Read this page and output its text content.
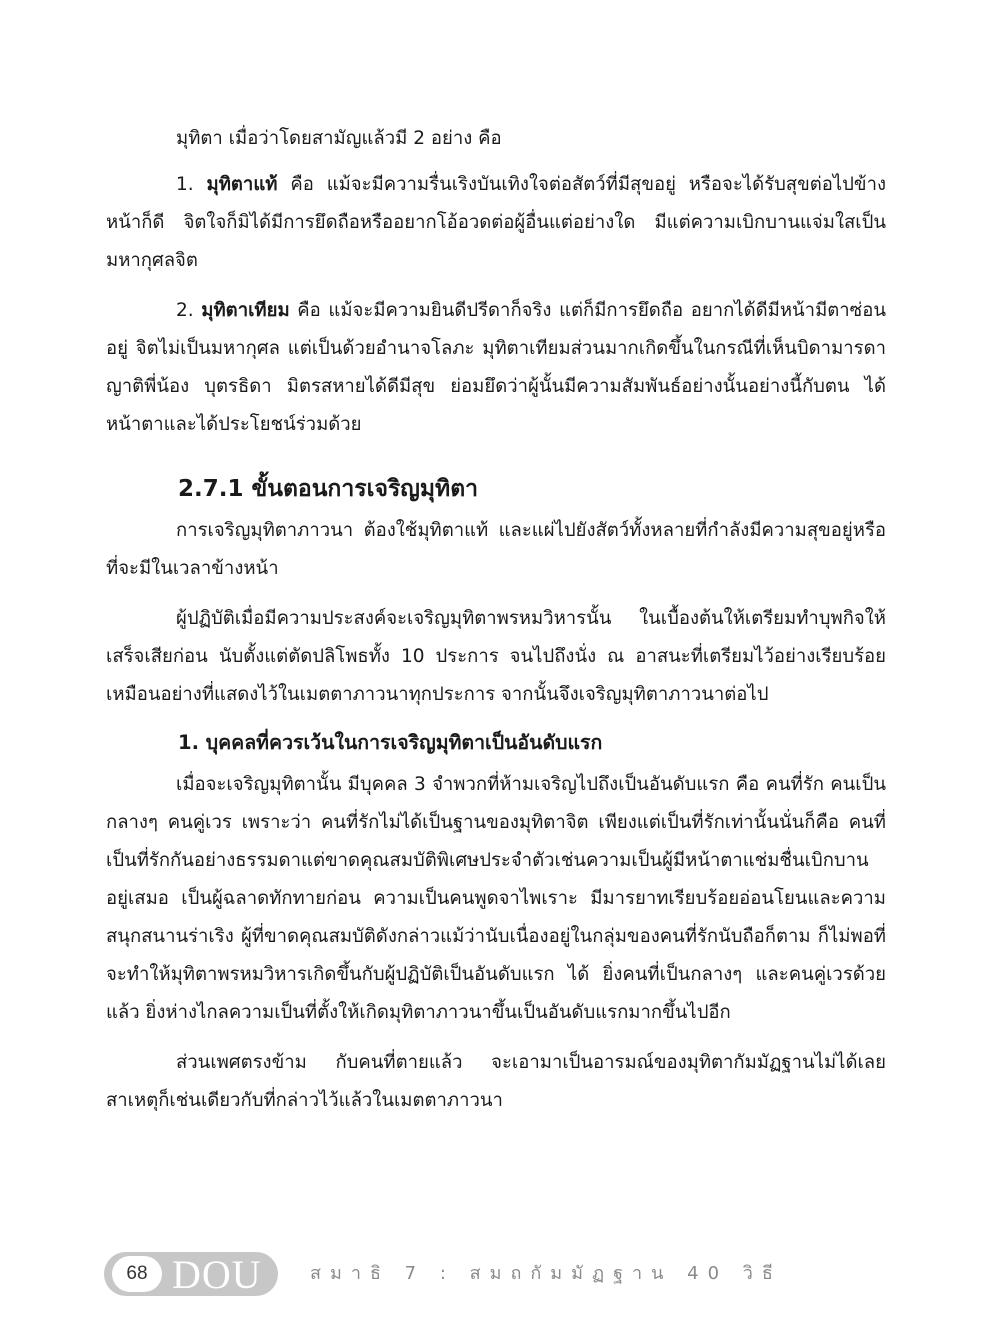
มุทิตา เมื่อว่าโดยสามัญแล้วมี 2 อย่าง คือ

1. มุทิตาแท้ คือ แม้จะมีความรื่นเริงบันเทิงใจต่อสัตว์ที่มีสุขอยู่ หรือจะได้รับสุขต่อไปข้างหน้าก็ดี จิตใจก็มิได้มีการยึดถือหรืออยากโอ้อวดต่อผู้อื่นแต่อย่างใด มีแต่ความเบิกบานแจ่มใสเป็นมหากุศลจิต

2. มุทิตาเทียม คือ แม้จะมีความยินดีปรีดาก็จริง แต่ก็มีการยึดถือ อยากได้ดีมีหน้ามีตาซ่อนอยู่ จิตไม่เป็นมหากุศล แต่เป็นด้วยอำนาจโลภะ มุทิตาเทียมส่วนมากเกิดขึ้นในกรณีที่เห็นบิดามารดา ญาติพี่น้อง บุตรธิดา มิตรสหายได้ดีมีสุข ย่อมยึดว่าผู้นั้นมีความสัมพันธ์อย่างนั้นอย่างนี้กับตน ได้หน้าตาและได้ประโยชน์ร่วมด้วย

2.7.1 ขั้นตอนการเจริญมุทิตา

การเจริญมุทิตาภาวนา ต้องใช้มุทิตาแท้ และแผ่ไปยังสัตว์ทั้งหลายที่กำลังมีความสุขอยู่หรือที่จะมีในเวลาข้างหน้า

ผู้ปฏิบัติเมื่อมีความประสงค์จะเจริญมุทิตาพรหมวิหารนั้น ในเบื้องต้นให้เตรียมทำบุพกิจให้เสร็จเสียก่อน นับตั้งแต่ตัดปลิโพธทั้ง 10 ประการ จนไปถึงนั่ง ณ อาสนะที่เตรียมไว้อย่างเรียบร้อย เหมือนอย่างที่แสดงไว้ในเมตตาภาวนาทุกประการ จากนั้นจึงเจริญมุทิตาภาวนาต่อไป

1. บุคคลที่ควรเว้นในการเจริญมุทิตาเป็นอันดับแรก

เมื่อจะเจริญมุทิตานั้น มีบุคคล 3 จำพวกที่ห้ามเจริญไปถึงเป็นอันดับแรก คือ คนที่รัก คนเป็นกลางๆ คนคู่เวร เพราะว่า คนที่รักไม่ได้เป็นฐานของมุทิตาจิต เพียงแต่เป็นที่รักเท่านั้นนั่นก็คือ คนที่เป็นที่รักกันอย่างธรรมดาแต่ขาดคุณสมบัติพิเศษประจำตัวเช่นความเป็นผู้มีหน้าตาแช่มชื่นเบิกบานอยู่เสมอ เป็นผู้ฉลาดทักทายก่อน ความเป็นคนพูดจาไพเราะ มีมารยาทเรียบร้อยอ่อนโยนและความสนุกสนานร่าเริง ผู้ที่ขาดคุณสมบัติดังกล่าวแม้ว่านับเนื่องอยู่ในกลุ่มของคนที่รักนับถือก็ตาม ก็ไม่พอที่จะทำให้มุทิตาพรหมวิหารเกิดขึ้นกับผู้ปฏิบัติเป็นอันดับแรก ได้ ยิ่งคนที่เป็นกลางๆ และคนคู่เวรด้วยแล้ว ยิ่งห่างไกลความเป็นที่ตั้งให้เกิดมุทิตาภาวนาขึ้นเป็นอันดับแรกมากขึ้นไปอีก

ส่วนเพศตรงข้าม กับคนที่ตายแล้ว จะเอามาเป็นอารมณ์ของมุทิตากัมมัฏฐานไม่ได้เลย สาเหตุก็เช่นเดียวกับที่กล่าวไว้แล้วในเมตตาภาวนา

68 DOU	สมาธิ 7 : สมถกัมมัฏฐาน 40 วิธี
